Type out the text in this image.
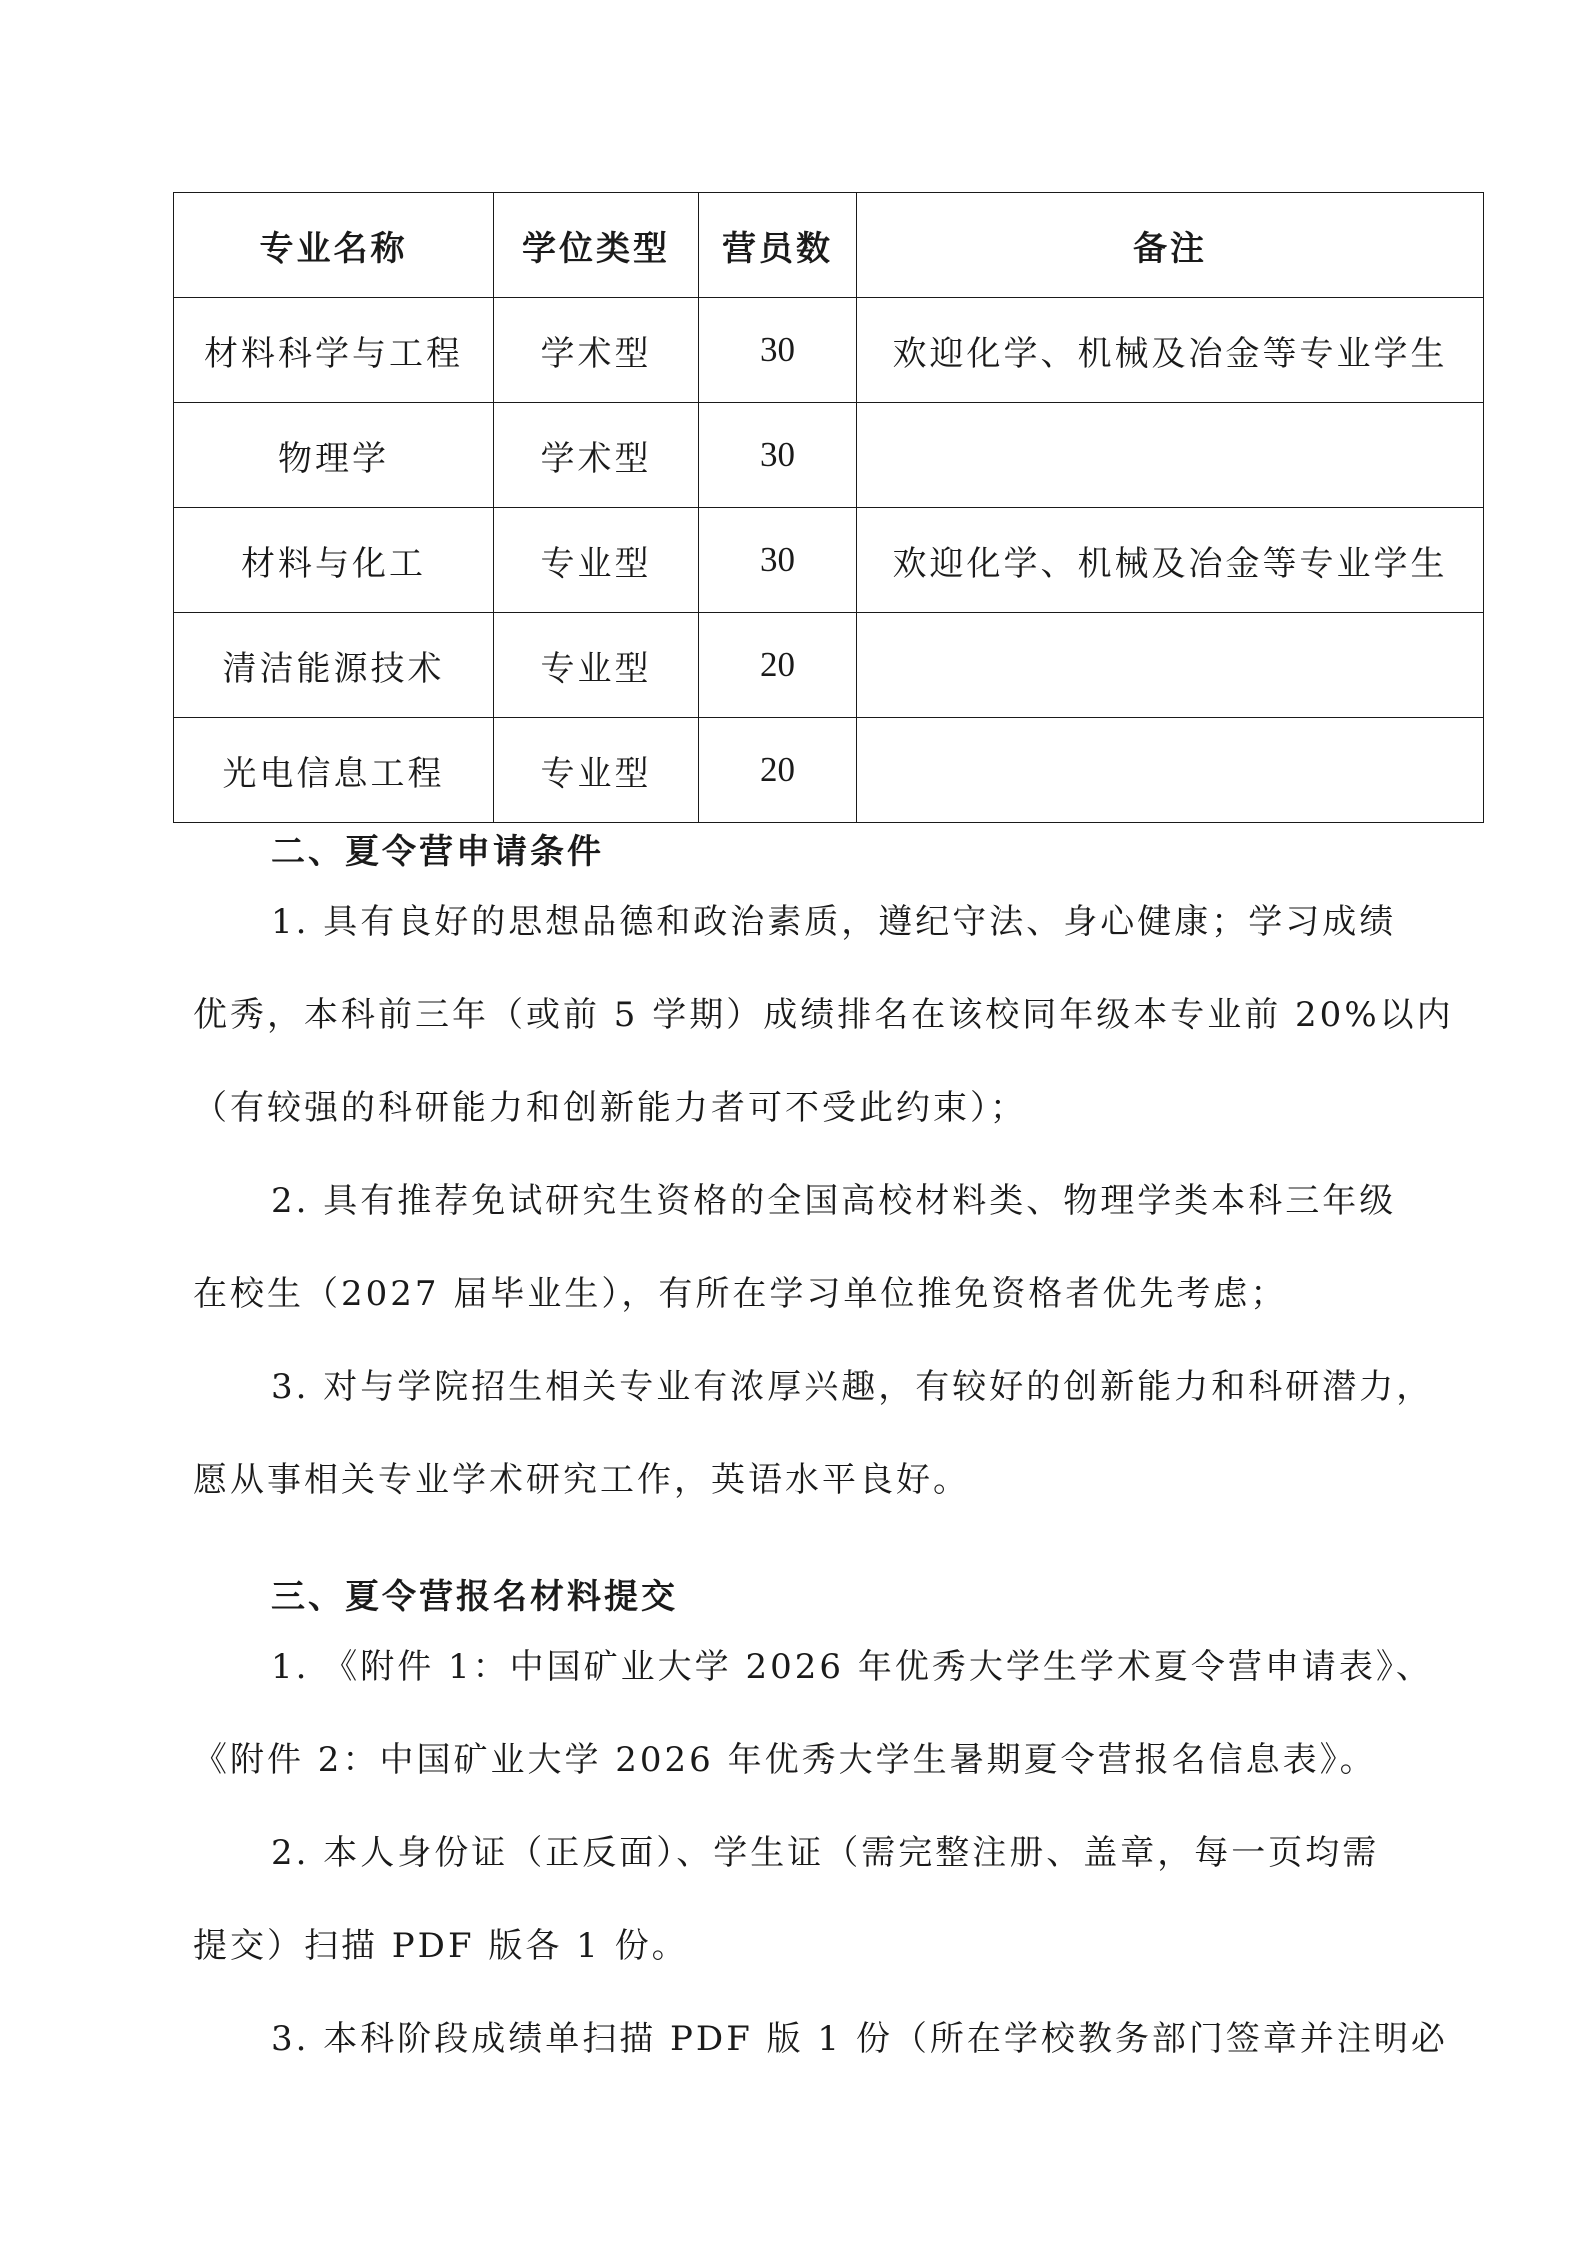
专业名称	学位类型	营员数	备注
材料科学与工程	学术型	30	欢迎化学、机械及冶金等专业学生
物理学	学术型	30	
材料与化工	专业型	30	欢迎化学、机械及冶金等专业学生
清洁能源技术	专业型	20	
光电信息工程	专业型	20	
二、夏令营申请条件

1. 具有良好的思想品德和政治素质，遵纪守法、身心健康；学习成绩
优秀，本科前三年（或前 5 学期）成绩排名在该校同年级本专业前 20%以内
（有较强的科研能力和创新能力者可不受此约束）；

2. 具有推荐免试研究生资格的全国高校材料类、物理学类本科三年级
在校生（2027 届毕业生），有所在学习单位推免资格者优先考虑；

3. 对与学院招生相关专业有浓厚兴趣，有较好的创新能力和科研潜力，
愿从事相关专业学术研究工作，英语水平良好。

三、夏令营报名材料提交

1. 《附件 1：中国矿业大学 2026 年优秀大学生学术夏令营申请表》、
《附件 2：中国矿业大学 2026 年优秀大学生暑期夏令营报名信息表》。

2. 本人身份证（正反面）、学生证（需完整注册、盖章，每一页均需
提交）扫描 PDF 版各 1 份。

3. 本科阶段成绩单扫描 PDF 版 1 份（所在学校教务部门签章并注明必
